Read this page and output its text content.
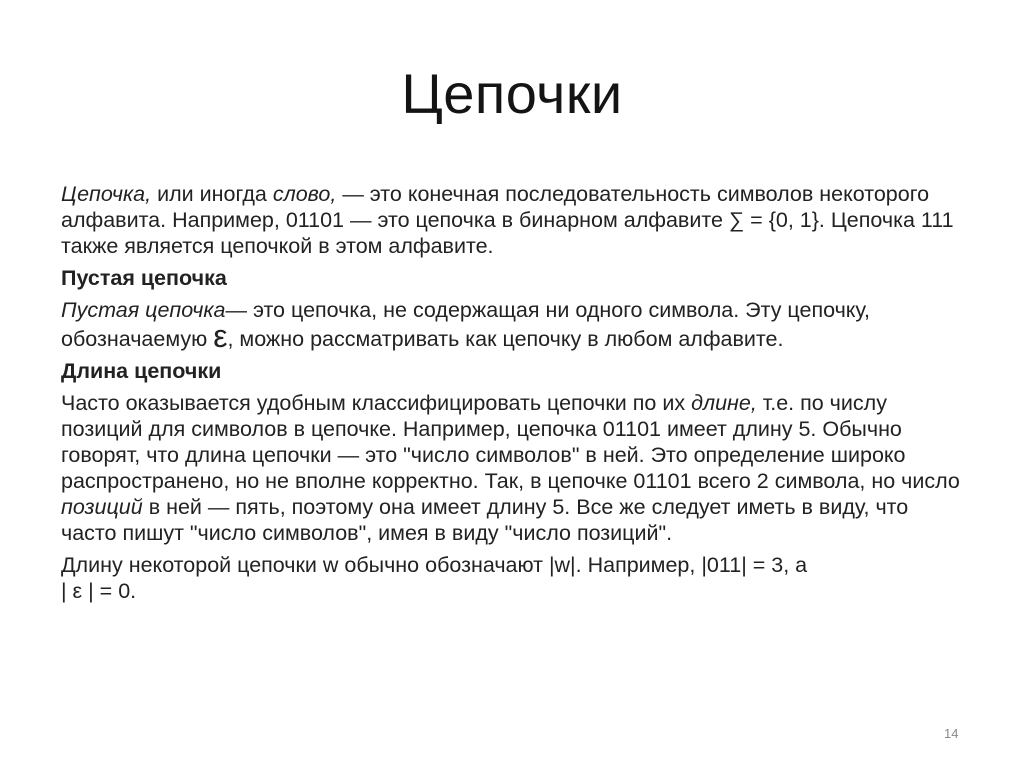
Цепочки

Цепочка, или иногда слово, — это конечная последовательность символов некоторого алфавита. Например, 01101 — это цепочка в бинарном алфавите ∑ = {0, 1}. Цепочка 111 также является цепочкой в этом алфавите.

Пустая цепочка

Пустая цепочка— это цепочка, не содержащая ни одного символа. Эту цепочку, обозначаемую ε, можно рассматривать как цепочку в любом алфавите.

Длина цепочки

Часто оказывается удобным классифицировать цепочки по их длине, т.е. по числу позиций для символов в цепочке. Например, цепочка 01101 имеет длину 5. Обычно говорят, что длина цепочки — это "число символов" в ней. Это определение широко распространено, но не вполне корректно. Так, в цепочке 01101 всего 2 символа, но число позиций в ней — пять, поэтому она имеет длину 5. Все же следует иметь в виду, что часто пишут "число символов", имея в виду "число позиций".

Длину некоторой цепочки w обычно обозначают |w|. Например, |011| = 3, а
| ε | = 0.

14
